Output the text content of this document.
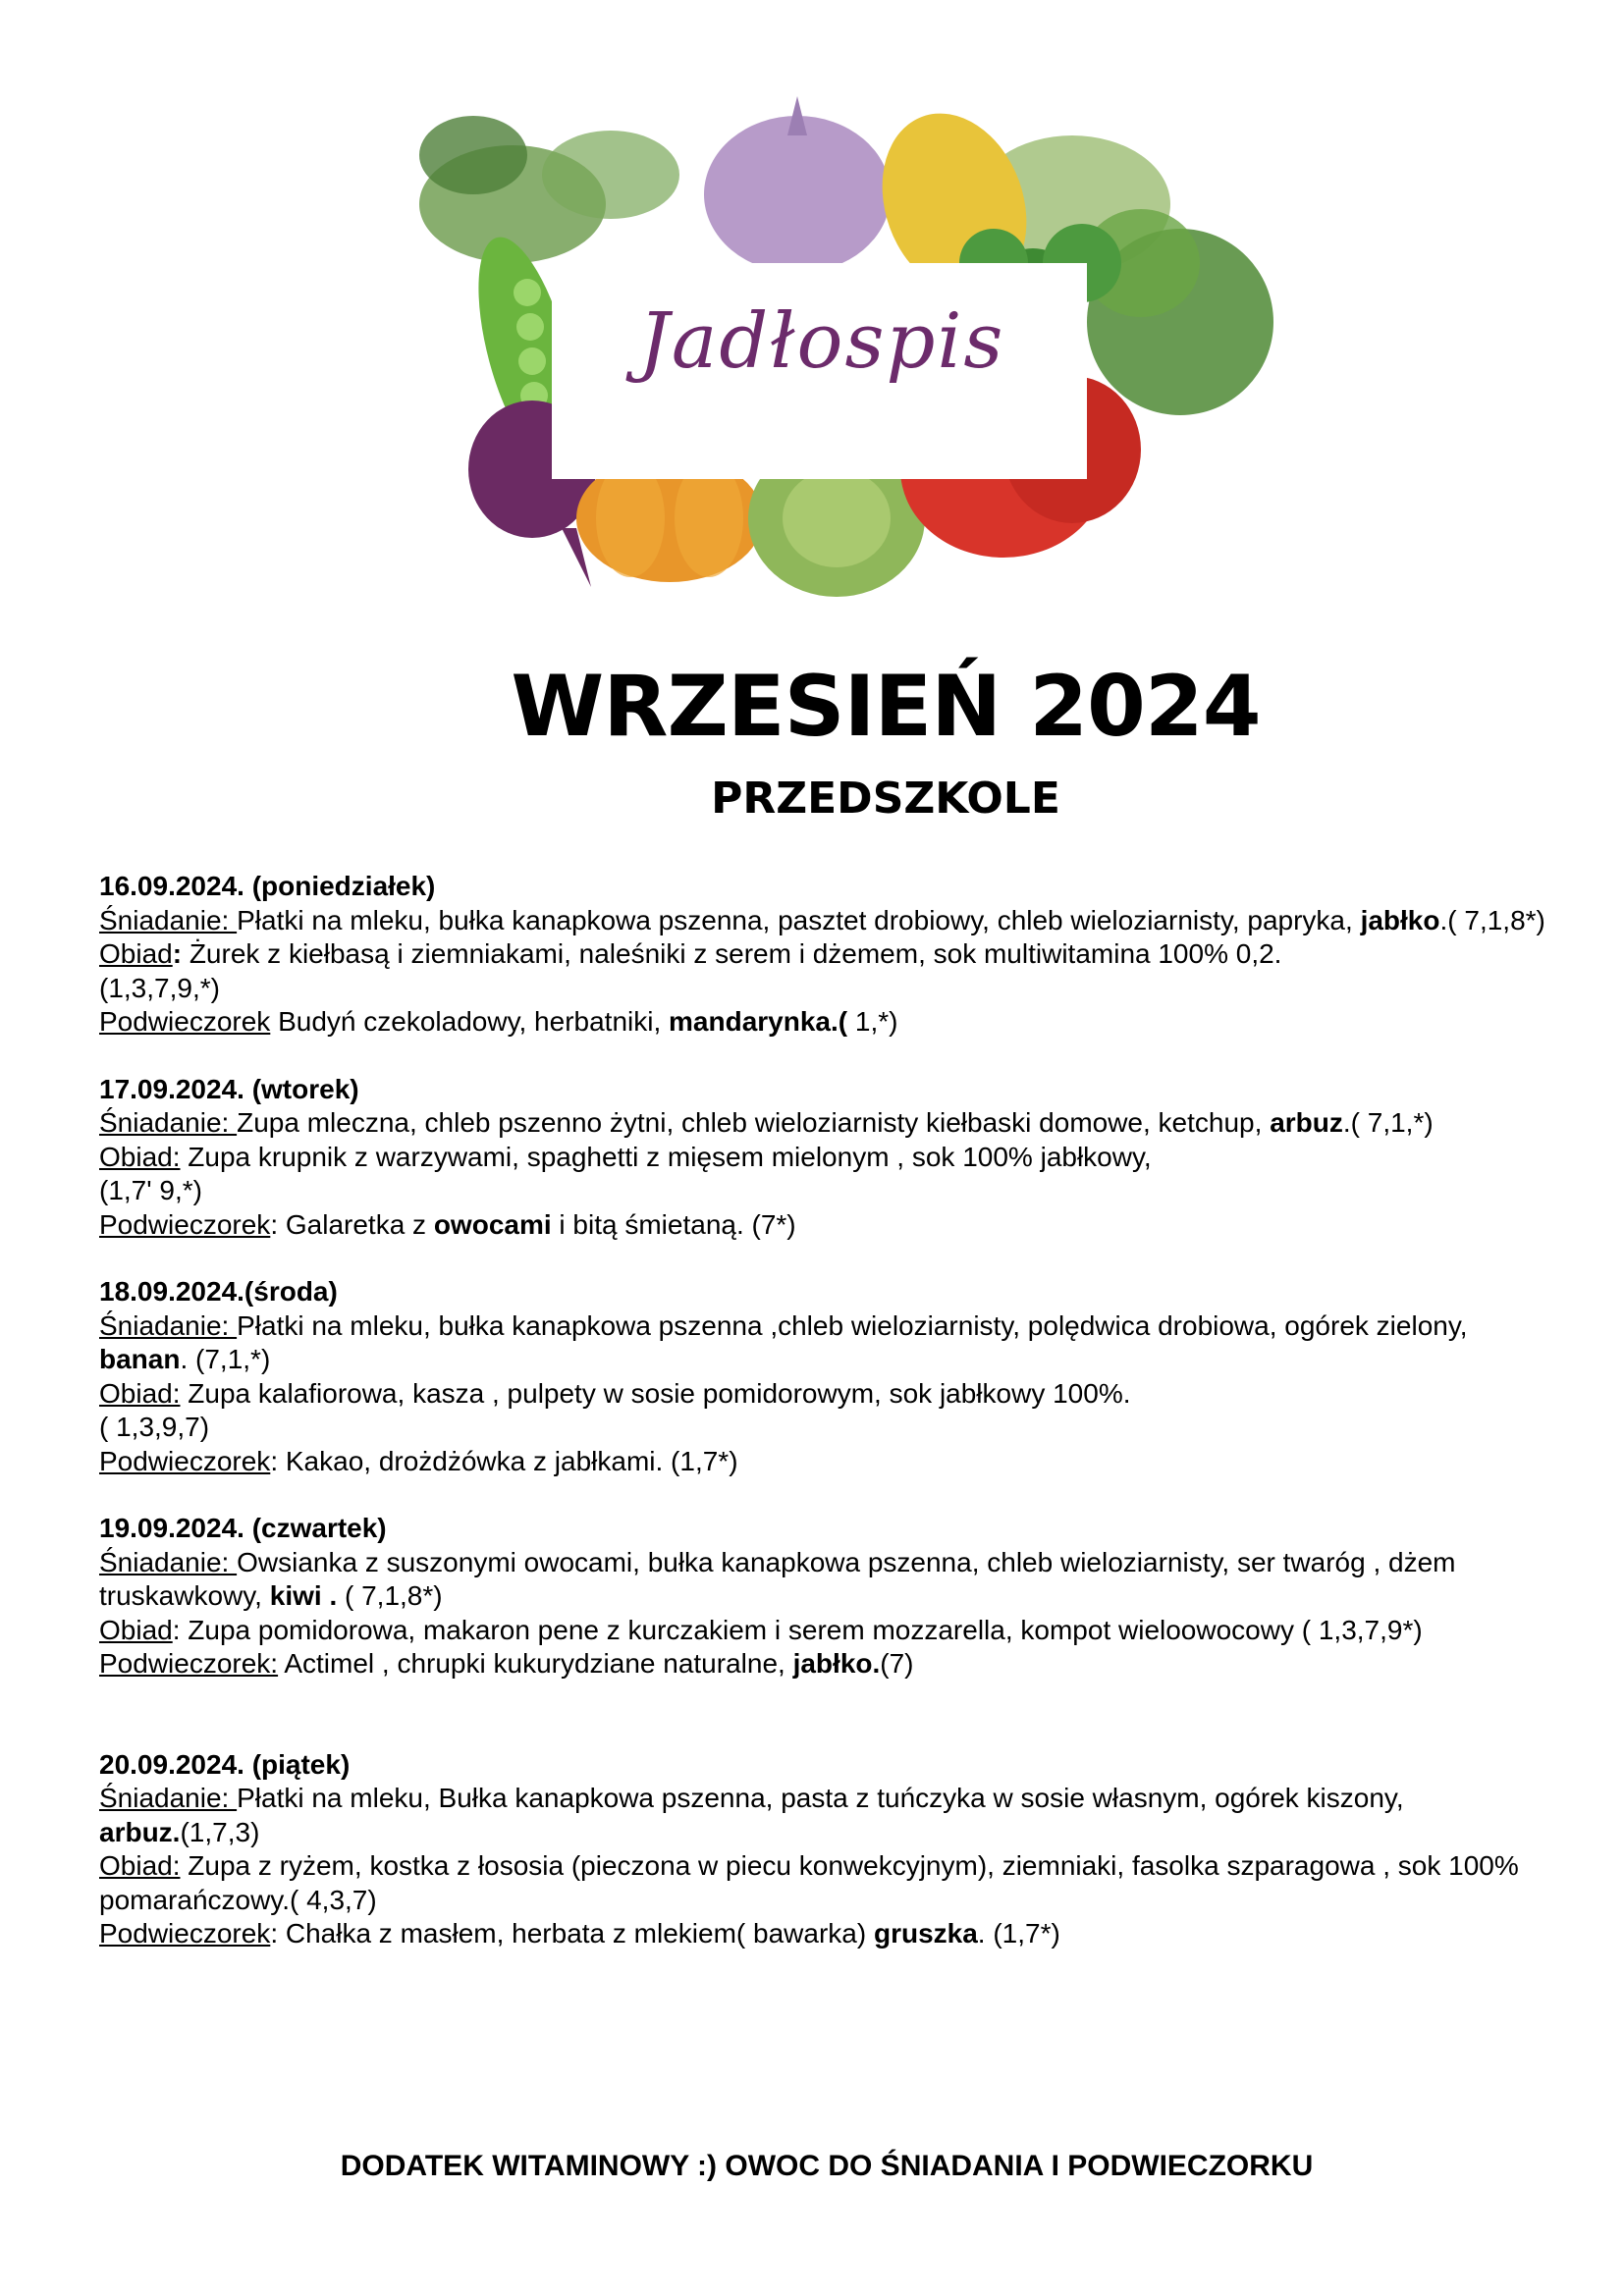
Jadłospis
WRZESIEŃ 2024
PRZEDSZKOLE
16.09.2024. (poniedziałek)
Śniadanie: Płatki na mleku, bułka kanapkowa pszenna, pasztet drobiowy, chleb wieloziarnisty, papryka, jabłko.( 7,1,8*)
Obiad: Żurek z kiełbasą i ziemniakami, naleśniki z serem i dżemem, sok multiwitamina 100% 0,2.
(1,3,7,9,*)
Podwieczorek Budyń czekoladowy, herbatniki, mandarynka.( 1,*)
17.09.2024. (wtorek)
Śniadanie: Zupa mleczna, chleb pszenno żytni, chleb wieloziarnisty kiełbaski domowe, ketchup, arbuz.( 7,1,*)
Obiad: Zupa krupnik z warzywami, spaghetti z mięsem mielonym , sok 100% jabłkowy,
(1,7' 9,*)
Podwieczorek: Galaretka z owocami i bitą śmietaną. (7*)
18.09.2024.(środa)
Śniadanie: Płatki na mleku, bułka kanapkowa pszenna ,chleb wieloziarnisty, polędwica drobiowa, ogórek zielony, banan. (7,1,*)
Obiad: Zupa kalafiorowa, kasza , pulpety w sosie pomidorowym, sok jabłkowy 100%.
( 1,3,9,7)
Podwieczorek: Kakao, drożdżówka z jabłkami. (1,7*)
19.09.2024. (czwartek)
Śniadanie: Owsianka z suszonymi owocami, bułka kanapkowa pszenna, chleb wieloziarnisty, ser twaróg , dżem truskawkowy, kiwi . ( 7,1,8*)
Obiad: Zupa pomidorowa, makaron pene z kurczakiem i serem mozzarella, kompot wieloowocowy ( 1,3,7,9*)
Podwieczorek: Actimel , chrupki kukurydziane naturalne, jabłko.(7)
20.09.2024. (piątek)
Śniadanie: Płatki na mleku, Bułka kanapkowa pszenna, pasta z tuńczyka w sosie własnym, ogórek kiszony,
arbuz.(1,7,3)
Obiad: Zupa z ryżem, kostka z łososia (pieczona w piecu konwekcyjnym), ziemniaki, fasolka szparagowa , sok 100% pomarańczowy.( 4,3,7)
Podwieczorek: Chałka z masłem, herbata z mlekiem( bawarka) gruszka. (1,7*)
DODATEK WITAMINOWY :) OWOC DO ŚNIADANIA I PODWIECZORKU
